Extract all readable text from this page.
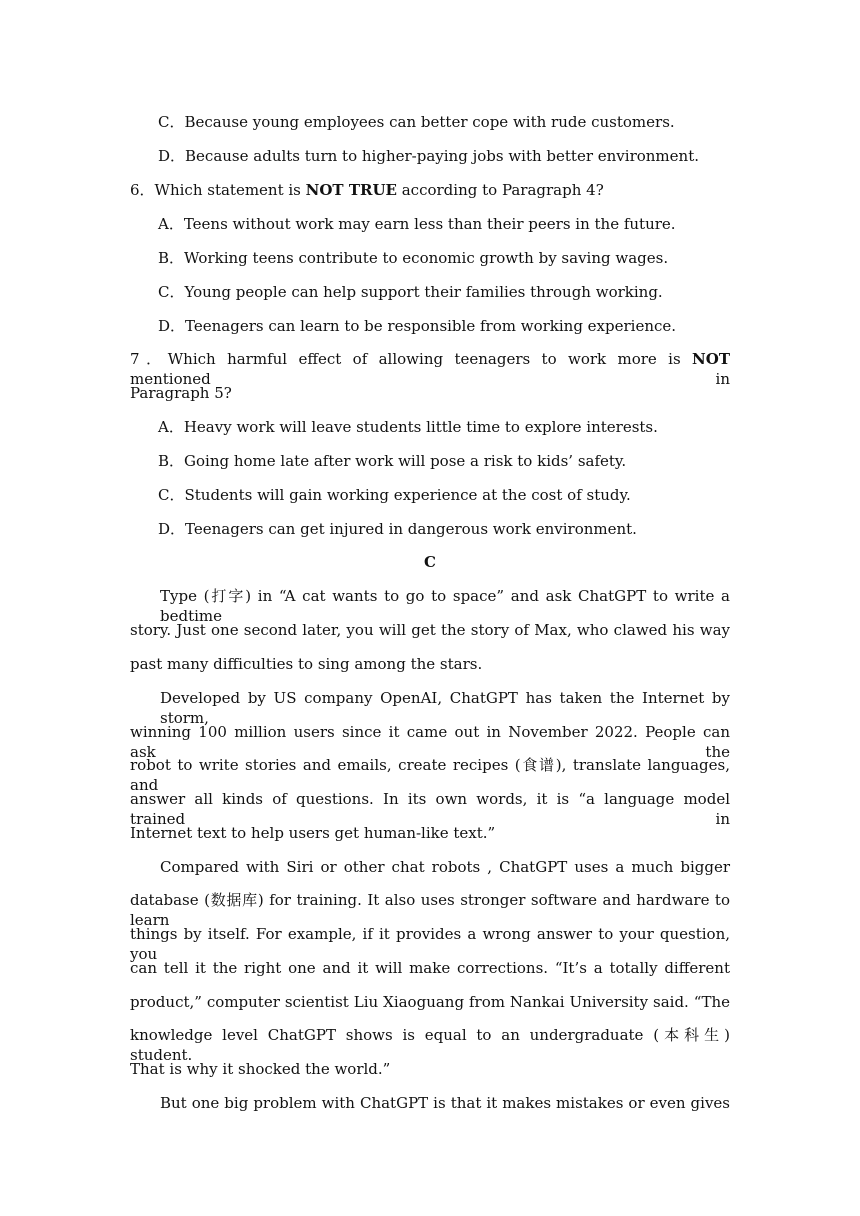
C．Because young employees can better cope with rude customers.
D．Because adults turn to higher-paying jobs with better environment.
6．Which statement is NOT TRUE according to Paragraph 4?
A．Teens without work may earn less than their peers in the future.
B．Working teens contribute to economic growth by saving wages.
C．Young people can help support their families through working.
D．Teenagers can learn to be responsible from working experience.
7．Which harmful effect of allowing teenagers to work more is NOT mentioned in
Paragraph 5?
A．Heavy work will leave students little time to explore interests.
B．Going home late after work will pose a risk to kids’ safety.
C．Students will gain working experience at the cost of study.
D．Teenagers can get injured in dangerous work environment.
C
Type (打字) in “A cat wants to go to space” and ask ChatGPT to write a bedtime
story. Just one second later, you will get the story of Max, who clawed his way
past many difficulties to sing among the stars.
Developed by US company OpenAI, ChatGPT has taken the Internet by storm,
winning 100 million users since it came out in November 2022. People can ask the
robot to write stories and emails, create recipes (食谱), translate languages, and
answer all kinds of questions. In its own words, it is “a language model trained in
Internet text to help users get human-like text.”
Compared with Siri or other chat robots , ChatGPT uses a much bigger
database (数据库) for training. It also uses stronger software and hardware to learn
things by itself. For example, if it provides a wrong answer to your question, you
can tell it the right one and it will make corrections. “It’s a totally different
product,” computer scientist Liu Xiaoguang from Nankai University said. “The
knowledge level ChatGPT shows is equal to an undergraduate (本科生) student.
That is why it shocked the world.”
But one big problem with ChatGPT is that it makes mistakes or even gives
